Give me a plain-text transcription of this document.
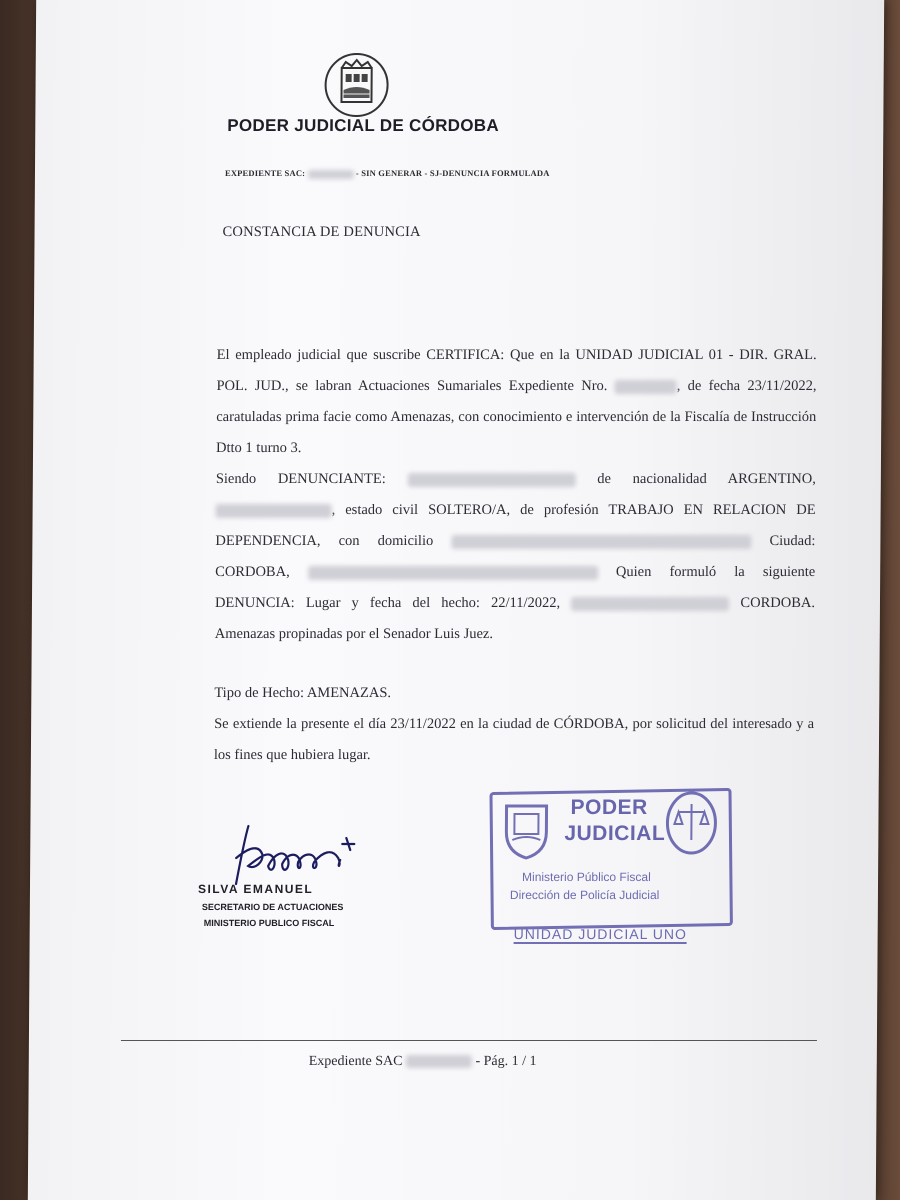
PODER JUDICIAL DE CÓRDOBA
EXPEDIENTE SAC:	- SIN GENERAR - SJ-DENUNCIA FORMULADA
CONSTANCIA DE DENUNCIA

El empleado judicial que suscribe CERTIFICA: Que en la UNIDAD JUDICIAL 01 - DIR. GRAL. POL. JUD., se labran Actuaciones Sumariales Expediente Nro.	, de fecha 23/11/2022, caratuladas prima facie como Amenazas, con conocimiento e intervención de la Fiscalía de Instrucción Dtto 1 turno 3.

Siendo DENUNCIANTE:	de nacionalidad ARGENTINO, , estado civil SOLTERO/A, de profesión TRABAJO EN RELACION DE DEPENDENCIA, con domicilio	Ciudad: CORDOBA,	Quien formuló la siguiente DENUNCIA: Lugar y fecha del hecho: 22/11/2022,	CORDOBA. Amenazas propinadas por el Senador Luis Juez.

Tipo de Hecho: AMENAZAS.

Se extiende la presente el día 23/11/2022 en la ciudad de CÓRDOBA, por solicitud del interesado y a los fines que hubiera lugar.

SILVA EMANUEL
SECRETARIO DE ACTUACIONES
MINISTERIO PUBLICO FISCAL
PODER
JUDICIAL
Ministerio Público Fiscal
Dirección de Policía Judicial
UNIDAD JUDICIAL UNO
Expediente SAC	- Pág. 1 / 1
